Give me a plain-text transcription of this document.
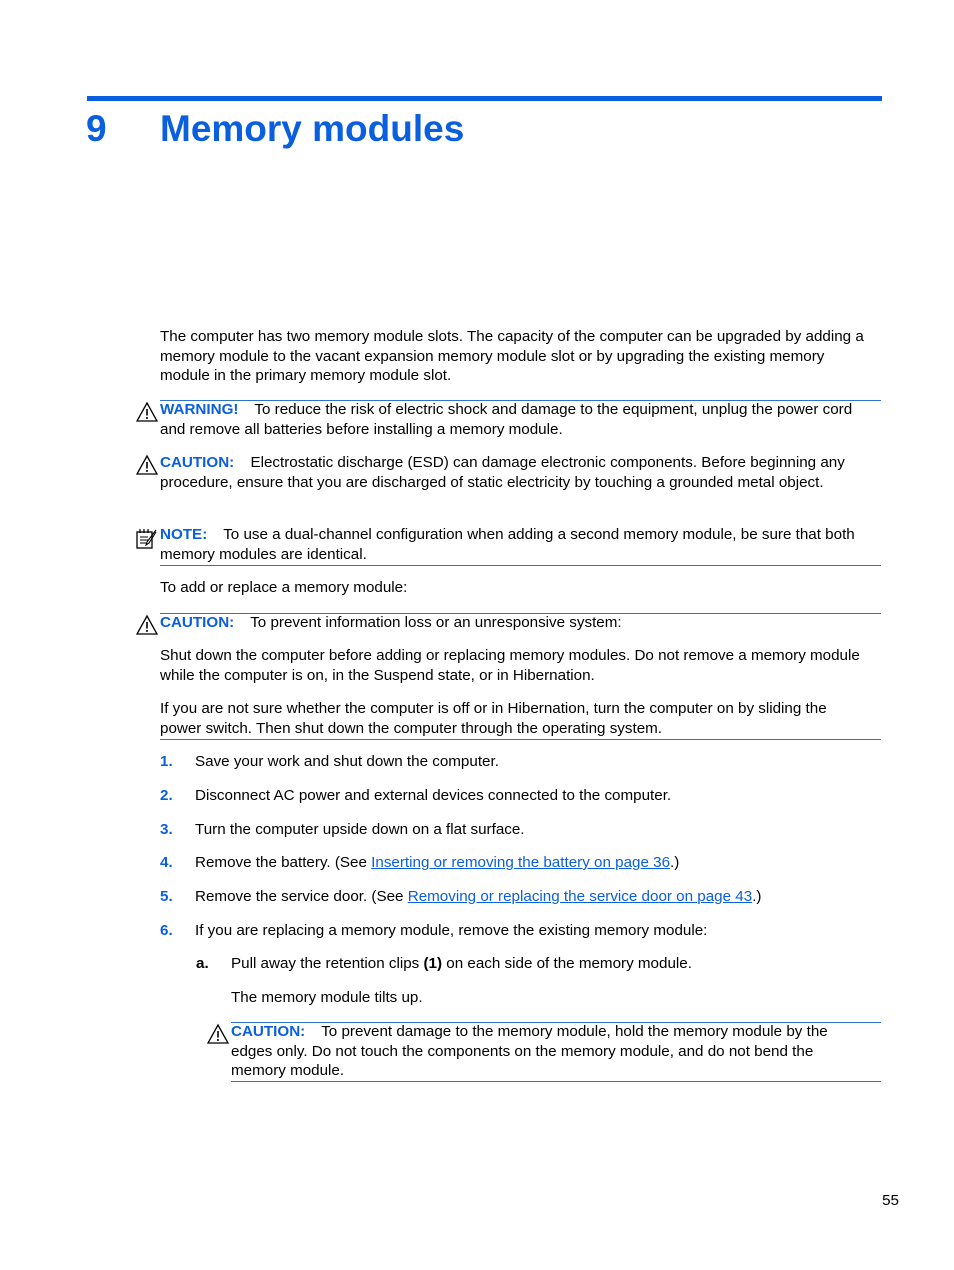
9 Memory modules
The computer has two memory module slots. The capacity of the computer can be upgraded by adding a memory module to the vacant expansion memory module slot or by upgrading the existing memory module in the primary memory module slot.
WARNING! To reduce the risk of electric shock and damage to the equipment, unplug the power cord and remove all batteries before installing a memory module.
CAUTION: Electrostatic discharge (ESD) can damage electronic components. Before beginning any procedure, ensure that you are discharged of static electricity by touching a grounded metal object.
NOTE: To use a dual-channel configuration when adding a second memory module, be sure that both memory modules are identical.
To add or replace a memory module:
CAUTION: To prevent information loss or an unresponsive system:
Shut down the computer before adding or replacing memory modules. Do not remove a memory module while the computer is on, in the Suspend state, or in Hibernation.
If you are not sure whether the computer is off or in Hibernation, turn the computer on by sliding the power switch. Then shut down the computer through the operating system.
1. Save your work and shut down the computer.
2. Disconnect AC power and external devices connected to the computer.
3. Turn the computer upside down on a flat surface.
4. Remove the battery. (See Inserting or removing the battery on page 36.)
5. Remove the service door. (See Removing or replacing the service door on page 43.)
6. If you are replacing a memory module, remove the existing memory module:
a. Pull away the retention clips (1) on each side of the memory module.
The memory module tilts up.
CAUTION: To prevent damage to the memory module, hold the memory module by the edges only. Do not touch the components on the memory module, and do not bend the memory module.
55
